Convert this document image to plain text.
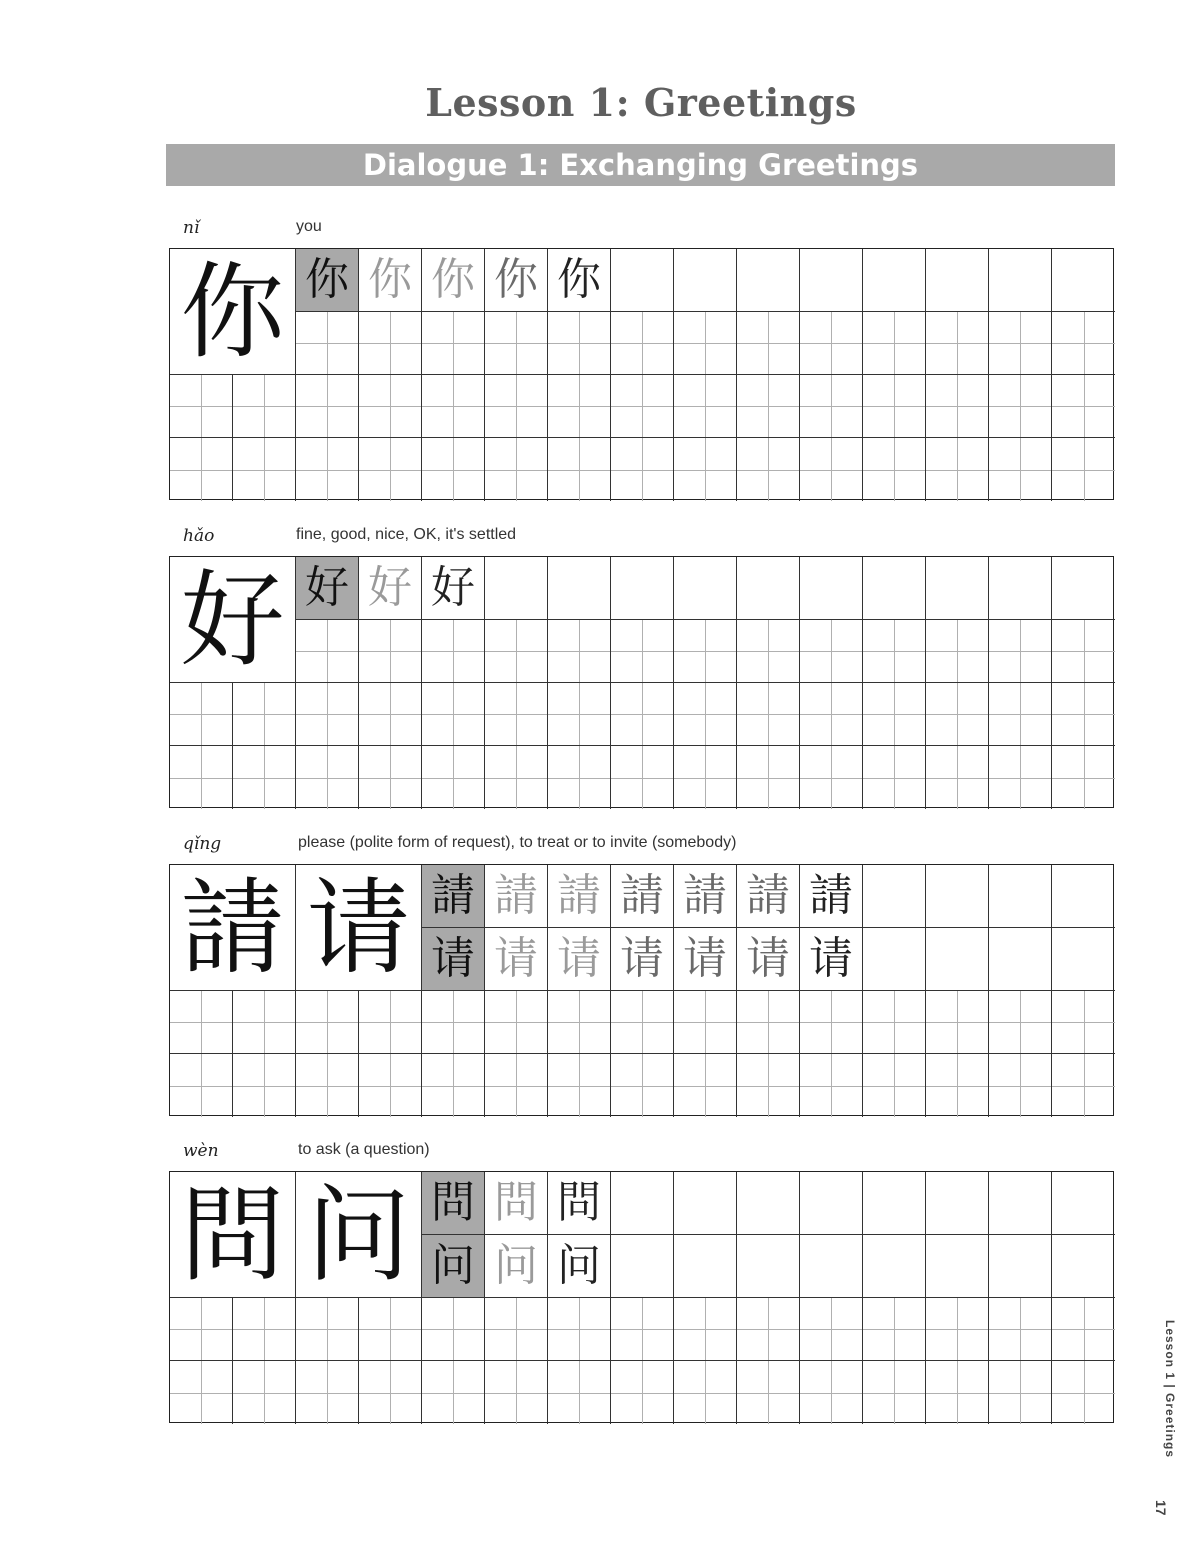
Lesson 1: Greetings
Dialogue 1: Exchanging Greetings
nǐ	you
你 你 你 你 你 你
hǎo	fine, good, nice, OK, it's settled
好 好 好 好
qǐng	please (polite form of request), to treat or to invite (somebody)
請 请 請 請 請 請 請 請 請
请 请 请 请 请 请 请
wèn	to ask (a question)
問 问 問 問 問
问 问 问
Lesson 1 | Greetings
17
